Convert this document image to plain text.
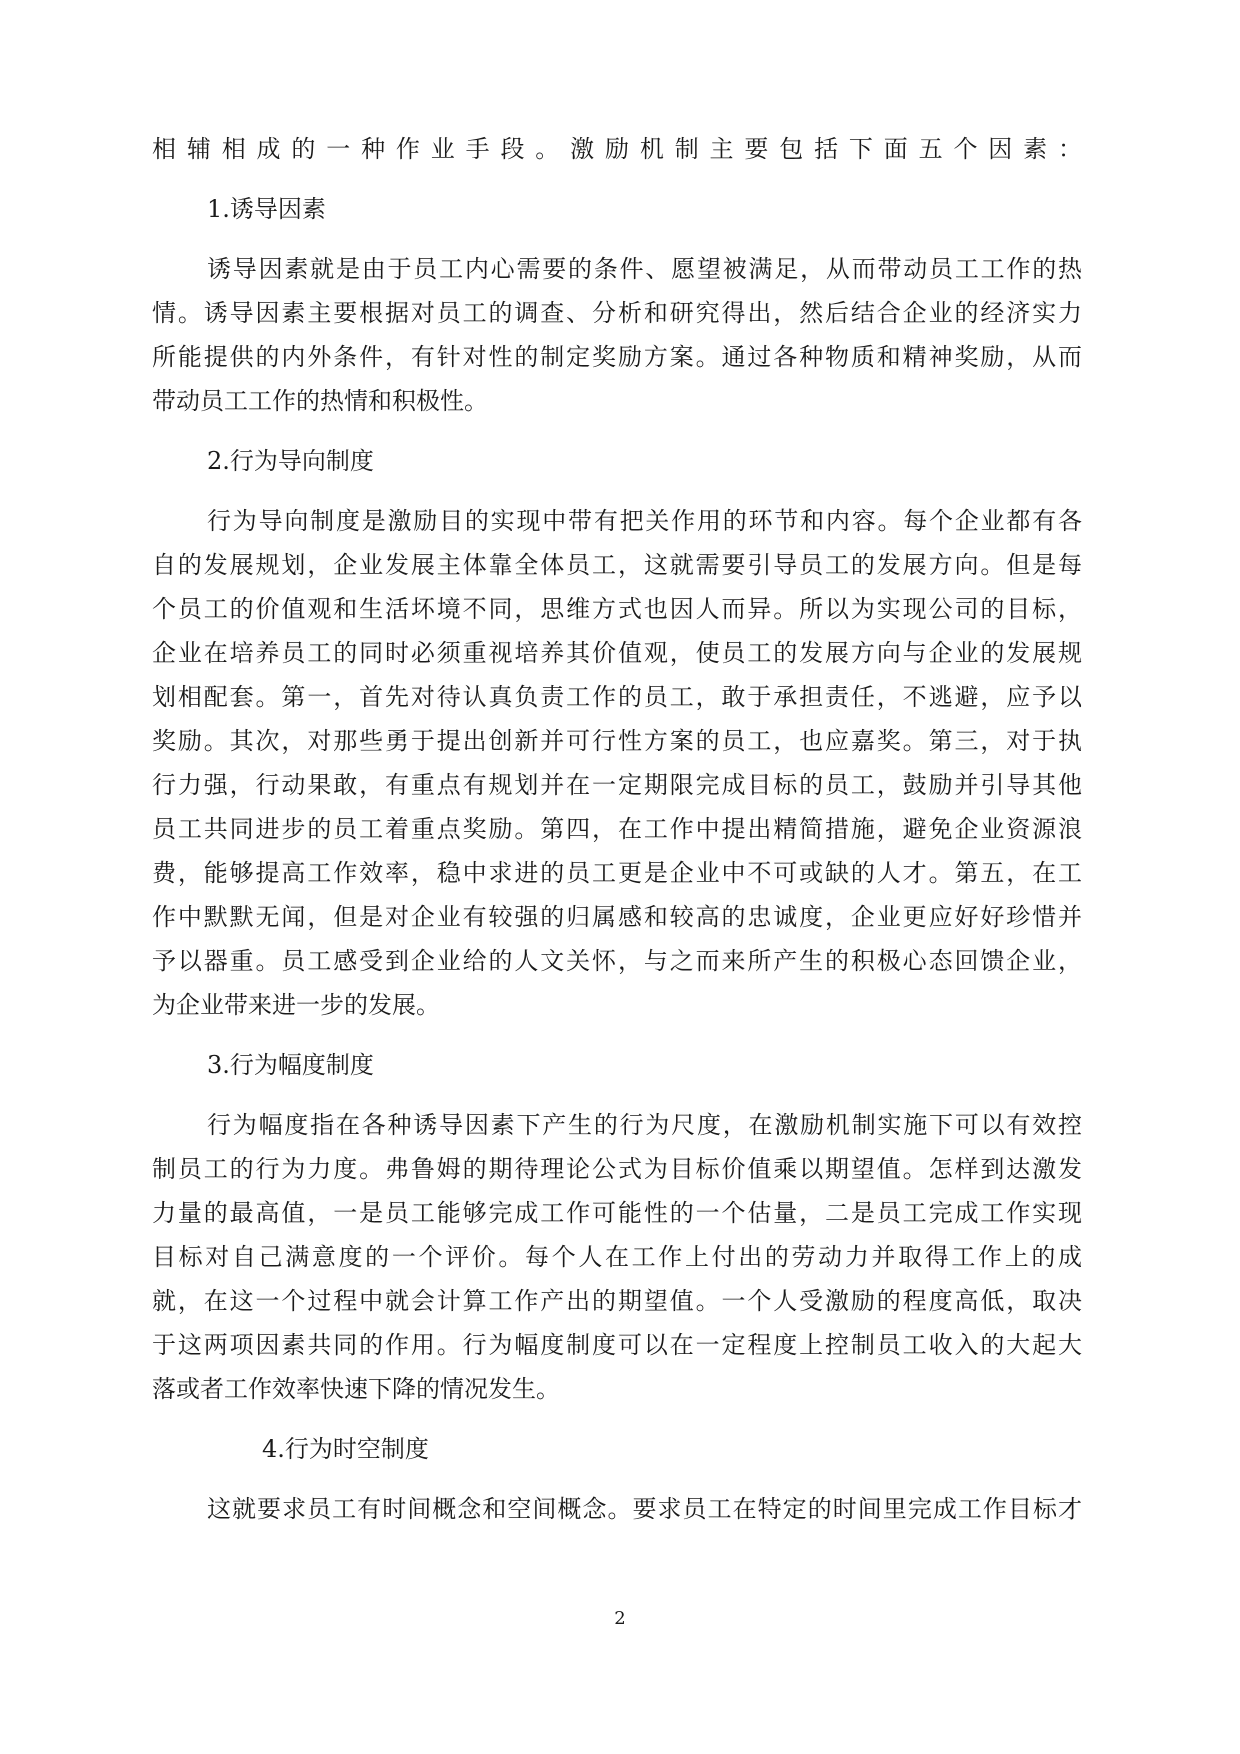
相辅相成的一种作业手段。激励机制主要包括下面五个因素：
1.诱导因素
诱导因素就是由于员工内心需要的条件、愿望被满足，从而带动员工工作的热
情。诱导因素主要根据对员工的调查、分析和研究得出，然后结合企业的经济实力
所能提供的内外条件，有针对性的制定奖励方案。通过各种物质和精神奖励，从而
带动员工工作的热情和积极性。
2.行为导向制度
行为导向制度是激励目的实现中带有把关作用的环节和内容。每个企业都有各
自的发展规划，企业发展主体靠全体员工，这就需要引导员工的发展方向。但是每
个员工的价值观和生活坏境不同，思维方式也因人而异。所以为实现公司的目标，
企业在培养员工的同时必须重视培养其价值观，使员工的发展方向与企业的发展规
划相配套。第一，首先对待认真负责工作的员工，敢于承担责任，不逃避，应予以
奖励。其次，对那些勇于提出创新并可行性方案的员工，也应嘉奖。第三，对于执
行力强，行动果敢，有重点有规划并在一定期限完成目标的员工，鼓励并引导其他
员工共同进步的员工着重点奖励。第四，在工作中提出精简措施，避免企业资源浪
费，能够提高工作效率，稳中求进的员工更是企业中不可或缺的人才。第五，在工
作中默默无闻，但是对企业有较强的归属感和较高的忠诚度，企业更应好好珍惜并
予以器重。员工感受到企业给的人文关怀，与之而来所产生的积极心态回馈企业，
为企业带来进一步的发展。
3.行为幅度制度
行为幅度指在各种诱导因素下产生的行为尺度，在激励机制实施下可以有效控
制员工的行为力度。弗鲁姆的期待理论公式为目标价值乘以期望值。怎样到达激发
力量的最高值，一是员工能够完成工作可能性的一个估量，二是员工完成工作实现
目标对自己满意度的一个评价。每个人在工作上付出的劳动力并取得工作上的成
就，在这一个过程中就会计算工作产出的期望值。一个人受激励的程度高低，取决
于这两项因素共同的作用。行为幅度制度可以在一定程度上控制员工收入的大起大
落或者工作效率快速下降的情况发生。
4.行为时空制度
这就要求员工有时间概念和空间概念。要求员工在特定的时间里完成工作目标才
2
